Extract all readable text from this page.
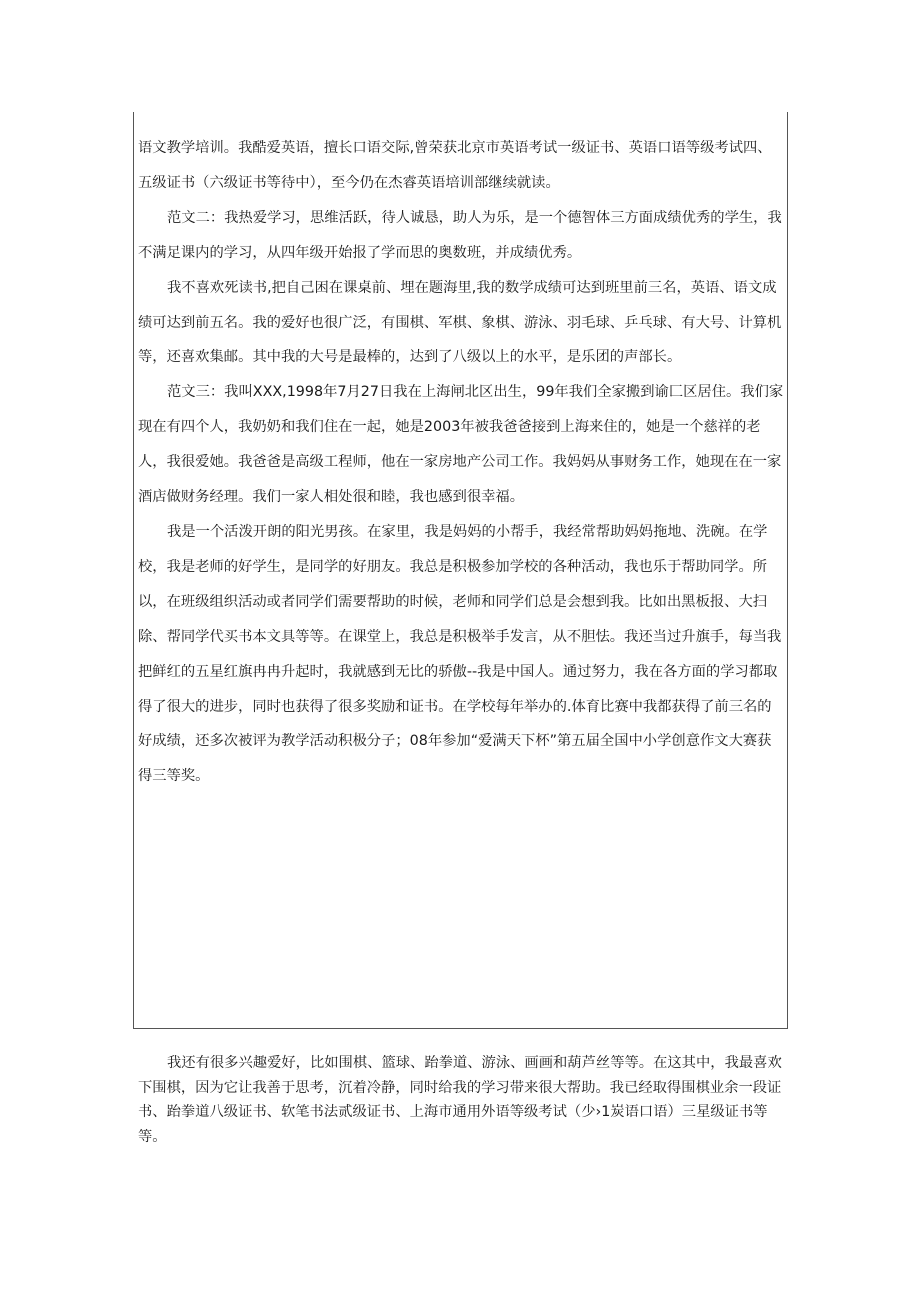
语文教学培训。我酷爱英语，擅长口语交际,曾荣获北京市英语考试一级证书、英语口语等级考试四、五级证书（六级证书等待中），至今仍在杰睿英语培训部继续就读。

范文二：我热爱学习，思维活跃，待人诚恳，助人为乐，是一个德智体三方面成绩优秀的学生，我不满足课内的学习，从四年级开始报了学而思的奥数班，并成绩优秀。

我不喜欢死读书,把自己困在课桌前、埋在题海里,我的数学成绩可达到班里前三名，英语、语文成绩可达到前五名。我的爱好也很广泛，有围棋、军棋、象棋、游泳、羽毛球、乒乓球、有大号、计算机等，还喜欢集邮。其中我的大号是最棒的，达到了八级以上的水平，是乐团的声部长。

范文三：我叫XXX,1998年7月27日我在上海闸北区出生，99年我们全家搬到谕匚区居住。我们家现在有四个人，我奶奶和我们住在一起，她是2003年被我爸爸接到上海来住的，她是一个慈祥的老人，我很爱她。我爸爸是高级工程师，他在一家房地产公司工作。我妈妈从事财务工作，她现在在一家酒店做财务经理。我们一家人相处很和睦，我也感到很幸福。

我是一个活泼开朗的阳光男孩。在家里，我是妈妈的小帮手，我经常帮助妈妈拖地、洗碗。在学校，我是老师的好学生，是同学的好朋友。我总是积极参加学校的各种活动，我也乐于帮助同学。所以，在班级组织活动或者同学们需要帮助的时候，老师和同学们总是会想到我。比如出黑板报、大扫除、帮同学代买书本文具等等。在课堂上，我总是积极举手发言，从不胆怯。我还当过升旗手，每当我把鲜红的五星红旗冉冉升起时，我就感到无比的骄傲--我是中国人。通过努力，我在各方面的学习都取得了很大的进步，同时也获得了很多奖励和证书。在学校每年举办的.体育比赛中我都获得了前三名的好成绩，还多次被评为教学活动积极分子；08年参加“爱满天下杯”第五届全国中小学创意作文大赛获得三等奖。

我还有很多兴趣爱好，比如围棋、篮球、跆拳道、游泳、画画和葫芦丝等等。在这其中，我最喜欢下围棋，因为它让我善于思考，沉着冷静，同时给我的学习带来很大帮助。我已经取得围棋业余一段证书、跆拳道八级证书、软笔书法贰级证书、上海市通用外语等级考试（少›1炭语口语）三星级证书等等。
